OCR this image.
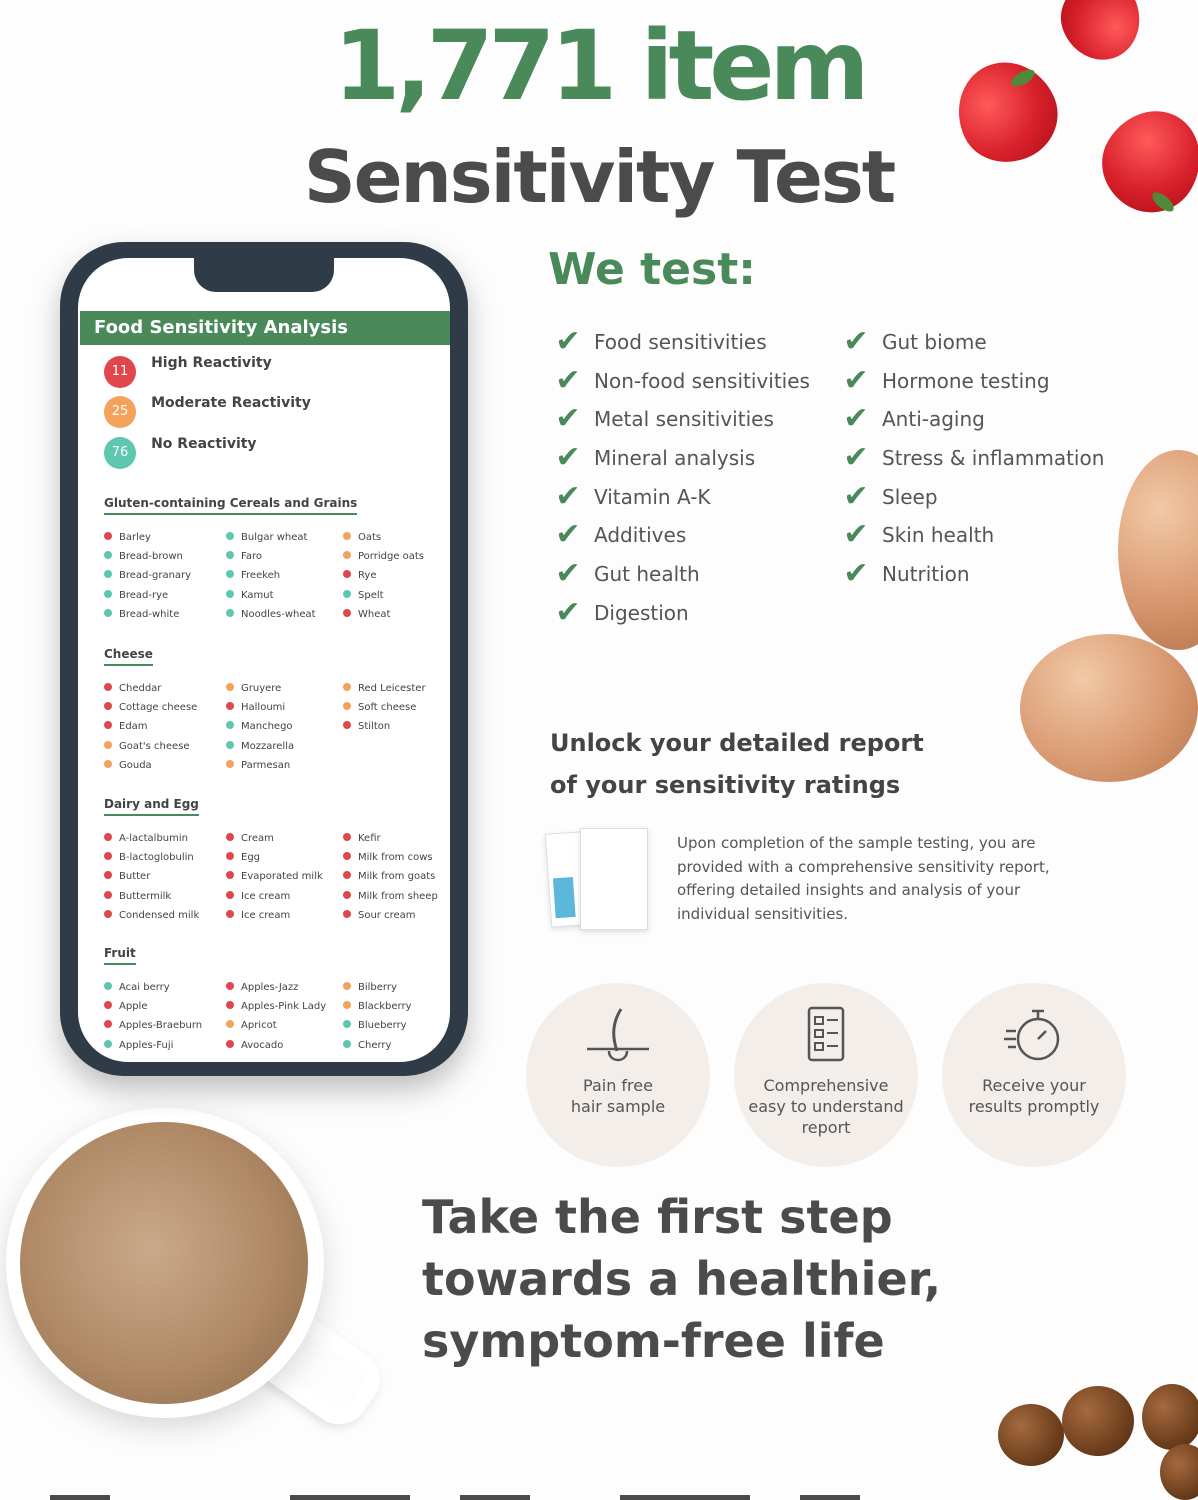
1,771 item
Sensitivity Test
Food Sensitivity Analysis
11 High Reactivity
25 Moderate Reactivity
76 No Reactivity
Gluten-containing Cereals and Grains
Barley
Bread-brown
Bread-granary
Bread-rye
Bread-white
Bulgar wheat
Faro
Freekeh
Kamut
Noodles-wheat
Oats
Porridge oats
Rye
Spelt
Wheat
Cheese
Cheddar
Cottage cheese
Edam
Goat's cheese
Gouda
Gruyere
Halloumi
Manchego
Mozzarella
Parmesan
Red Leicester
Soft cheese
Stilton
Dairy and Egg
A-lactalbumin
B-lactoglobulin
Butter
Buttermilk
Condensed milk
Cream
Egg
Evaporated milk
Ice cream
Ice cream
Kefir
Milk from cows
Milk from goats
Milk from sheep
Sour cream
Fruit
Acai berry
Apple
Apples-Braeburn
Apples-Fuji
Apples-Jazz
Apples-Pink Lady
Apricot
Avocado
Bilberry
Blackberry
Blueberry
Cherry
We test:
✔ Food sensitivities
✔ Non-food sensitivities
✔ Metal sensitivities
✔ Mineral analysis
✔ Vitamin A-K
✔ Additives
✔ Gut health
✔ Digestion
✔ Gut biome
✔ Hormone testing
✔ Anti-aging
✔ Stress & inflammation
✔ Sleep
✔ Skin health
✔ Nutrition
Unlock your detailed report
of your sensitivity ratings
Upon completion of the sample testing, you are provided with a comprehensive sensitivity report, offering detailed insights and analysis of your individual sensitivities.
Pain free
hair sample
Comprehensive
easy to understand
report
Receive your
results promptly
Take the first step
towards a healthier,
symptom-free life
